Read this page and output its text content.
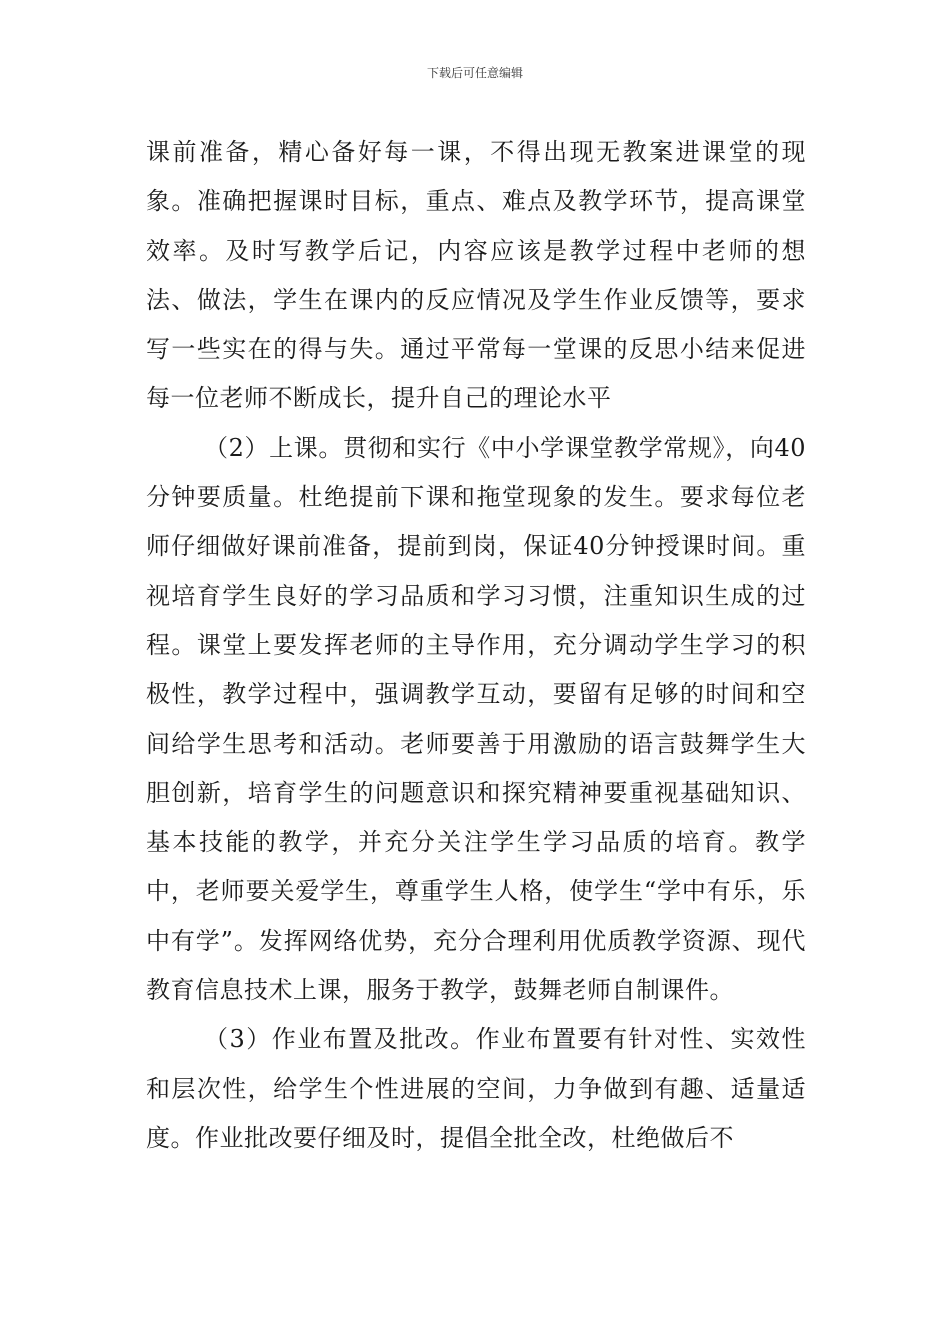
下载后可任意编辑

课前准备，精心备好每一课，不得出现无教案进课堂的现象。准确把握课时目标，重点、难点及教学环节，提高课堂效率。及时写教学后记，内容应该是教学过程中老师的想法、做法，学生在课内的反应情况及学生作业反馈等，要求写一些实在的得与失。通过平常每一堂课的反思小结来促进每一位老师不断成长，提升自己的理论水平

（2）上课。贯彻和实行《中小学课堂教学常规》，向40分钟要质量。杜绝提前下课和拖堂现象的发生。要求每位老师仔细做好课前准备，提前到岗，保证40分钟授课时间。重视培育学生良好的学习品质和学习习惯，注重知识生成的过程。课堂上要发挥老师的主导作用，充分调动学生学习的积极性，教学过程中，强调教学互动，要留有足够的时间和空间给学生思考和活动。老师要善于用激励的语言鼓舞学生大胆创新，培育学生的问题意识和探究精神要重视基础知识、基本技能的教学，并充分关注学生学习品质的培育。教学中，老师要关爱学生，尊重学生人格，使学生“学中有乐，乐中有学”。发挥网络优势，充分合理利用优质教学资源、现代教育信息技术上课，服务于教学，鼓舞老师自制课件。

（3）作业布置及批改。作业布置要有针对性、实效性和层次性，给学生个性进展的空间，力争做到有趣、适量适度。作业批改要仔细及时，提倡全批全改，杜绝做后不
